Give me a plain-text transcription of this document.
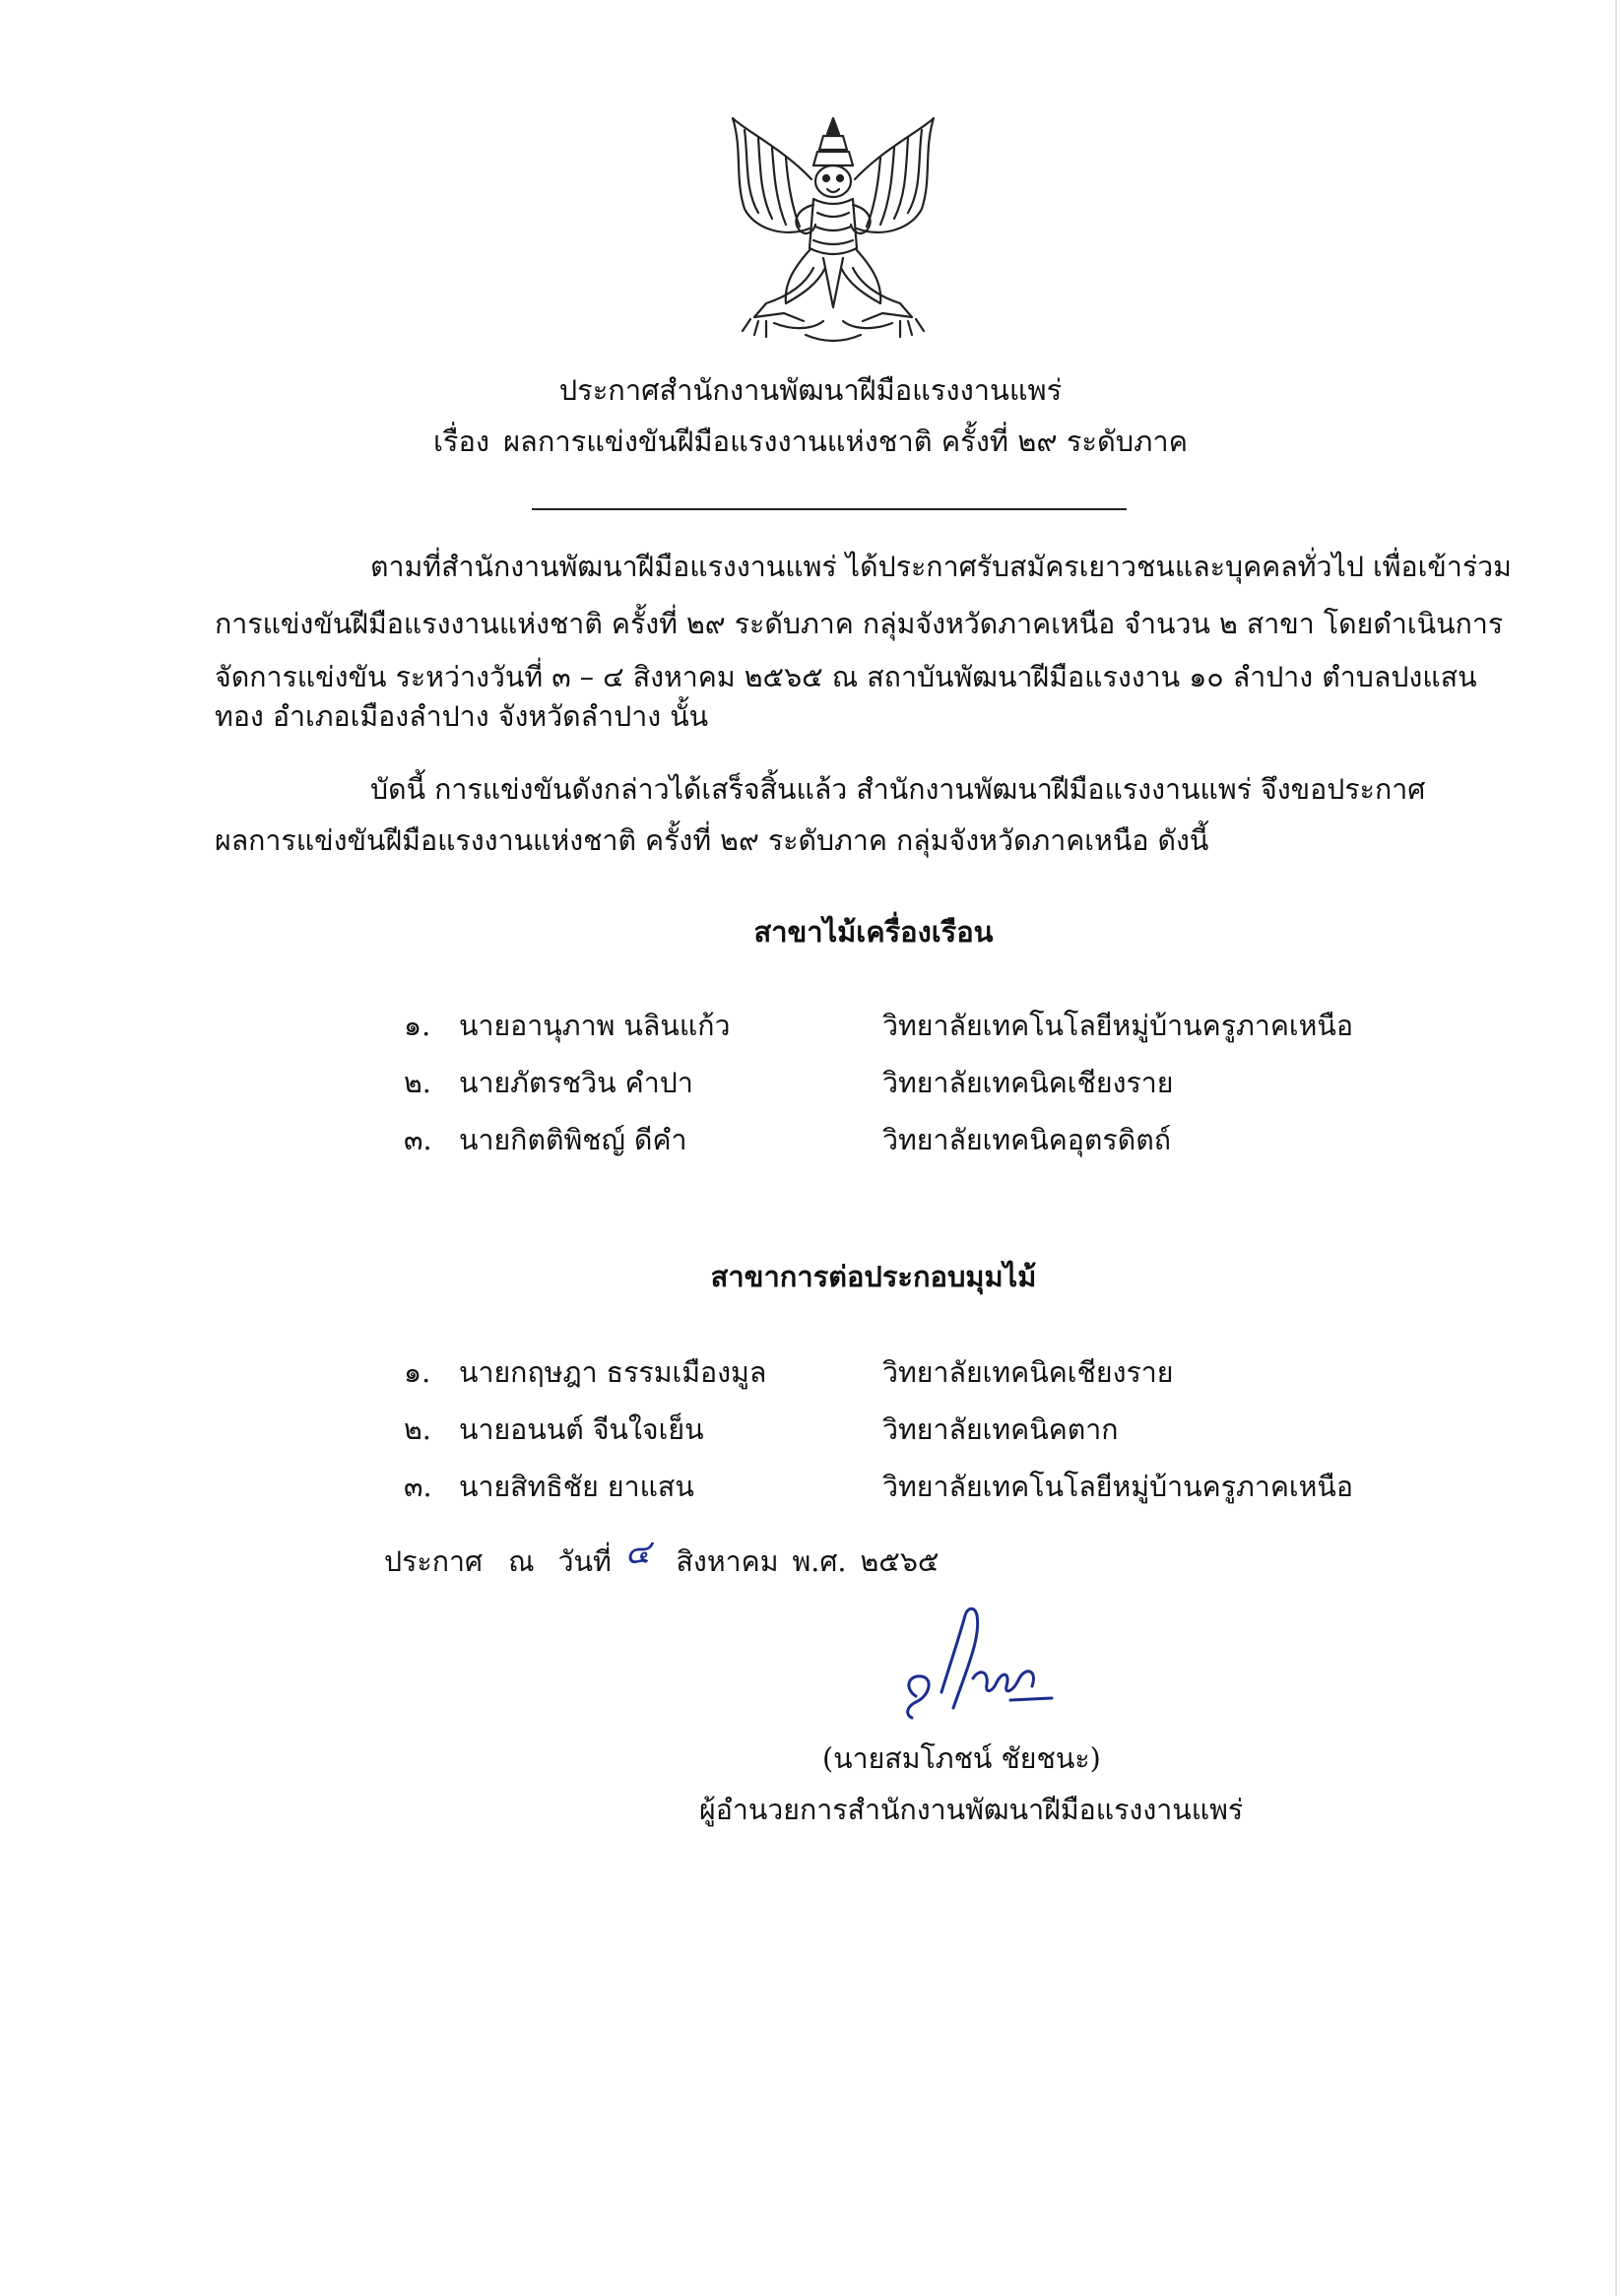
ประกาศสำนักงานพัฒนาฝีมือแรงงานแพร่
เรื่อง ผลการแข่งขันฝีมือแรงงานแห่งชาติ ครั้งที่ ๒๙ ระดับภาค
ตามที่สำนักงานพัฒนาฝีมือแรงงานแพร่ ได้ประกาศรับสมัครเยาวชนและบุคคลทั่วไป เพื่อเข้าร่วม
การแข่งขันฝีมือแรงงานแห่งชาติ ครั้งที่ ๒๙ ระดับภาค กลุ่มจังหวัดภาคเหนือ จำนวน ๒ สาขา โดยดำเนินการ
จัดการแข่งขัน ระหว่างวันที่ ๓ – ๔ สิงหาคม ๒๕๖๕ ณ สถาบันพัฒนาฝีมือแรงงาน ๑๐ ลำปาง ตำบลปงแสน
ทอง อำเภอเมืองลำปาง จังหวัดลำปาง นั้น
บัดนี้ การแข่งขันดังกล่าวได้เสร็จสิ้นแล้ว สำนักงานพัฒนาฝีมือแรงงานแพร่ จึงขอประกาศ
ผลการแข่งขันฝีมือแรงงานแห่งชาติ ครั้งที่ ๒๙ ระดับภาค กลุ่มจังหวัดภาคเหนือ ดังนี้
สาขาไม้เครื่องเรือน
๑. นายอานุภาพ นลินแก้ว	วิทยาลัยเทคโนโลยีหมู่บ้านครูภาคเหนือ
๒. นายภัตรชวิน คำปา	วิทยาลัยเทคนิคเชียงราย
๓. นายกิตติพิชญ์ ดีคำ	วิทยาลัยเทคนิคอุตรดิตถ์
สาขาการต่อประกอบมุมไม้
๑. นายกฤษฎา ธรรมเมืองมูล	วิทยาลัยเทคนิคเชียงราย
๒. นายอนนต์ จีนใจเย็น	วิทยาลัยเทคนิคตาก
๓. นายสิทธิชัย ยาแสน	วิทยาลัยเทคโนโลยีหมู่บ้านครูภาคเหนือ
ประกาศ ณ วันที่ ๔ สิงหาคม พ.ศ. ๒๕๖๕
(นายสมโภชน์ ชัยชนะ)
ผู้อำนวยการสำนักงานพัฒนาฝีมือแรงงานแพร่
